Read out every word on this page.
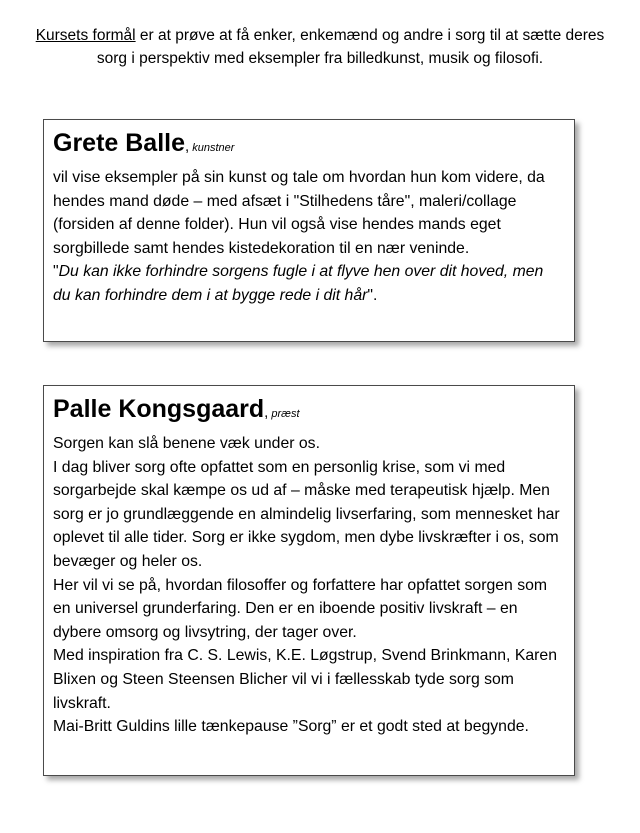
Kursets formål er at prøve at få enker, enkemænd og andre i sorg til at sætte deres sorg i perspektiv med eksempler fra billedkunst, musik og filosofi.
Grete Balle, kunstner
vil vise eksempler på sin kunst og tale om hvordan hun kom videre, da hendes mand døde – med afsæt i "Stilhedens tåre", maleri/collage (forsiden af denne folder). Hun vil også vise hendes mands eget sorgbillede samt hendes kistedekoration til en nær veninde.
"Du kan ikke forhindre sorgens fugle i at flyve hen over dit hoved, men du kan forhindre dem i at bygge rede i dit hår".
Palle Kongsgaard, præst
Sorgen kan slå benene væk under os.
I dag bliver sorg ofte opfattet som en personlig krise, som vi med sorgarbejde skal kæmpe os ud af – måske med terapeutisk hjælp. Men sorg er jo grundlæggende en almindelig livserfaring, som mennesket har oplevet til alle tider. Sorg er ikke sygdom, men dybe livskræfter i os, som bevæger og heler os.
Her vil vi se på, hvordan filosoffer og forfattere har opfattet sorgen som en universel grunderfaring. Den er en iboende positiv livskraft – en dybere omsorg og livsytring, der tager over.
Med inspiration fra C. S. Lewis, K.E. Løgstrup, Svend Brinkmann, Karen Blixen og Steen Steensen Blicher vil vi i fællesskab tyde sorg som livskraft.
Mai-Britt Guldins lille tænkepause ”Sorg” er et godt sted at begynde.
